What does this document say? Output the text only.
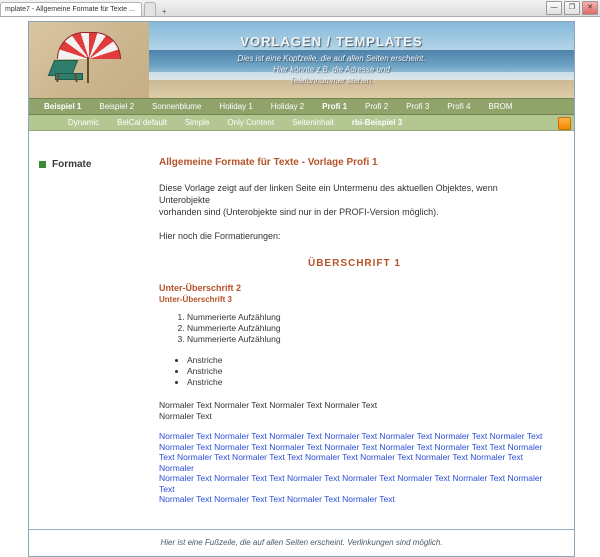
mplate7 - Allgemeine Formate für Texte ...	+	—	❐	✕
VORLAGEN / TEMPLATES
Dies ist eine Kopfzeile, die auf allen Seiten erscheint.
Hier könnte z.B. die Adresse und
Telefonnummer stehen.
Beispiel 1	Beispiel 2	Sonnenblume	Holiday 1	Holiday 2	Profi 1	Profi 2	Profi 3	Profi 4	BROM
Dynamic	BelCal default	Simple	Only Content	Seiteninhalt	rbi-Beispiel 3
Formate	Allgemeine Formate für Texte - Vorlage Profi 1

Diese Vorlage zeigt auf der linken Seite ein Untermenu des aktuellen Objektes, wenn Unterobjekte
vorhanden sind (Unterobjekte sind nur in der PROFI-Version möglich).

Hier noch die Formatierungen:

ÜBERSCHRIFT 1
Unter-Überschrift 2
Unter-Überschrift 3
1. Nummerierte Aufzählung
2. Nummerierte Aufzählung
3. Nummerierte Aufzählung
• Anstriche
• Anstriche
• Anstriche

Normaler Text Normaler Text Normaler Text Normaler Text
Normaler Text

Normaler Text Normaler Text Normaler Text Normaler Text Normaler Text Normaler Text Normaler Text
Normaler Text Normaler Text Normaler Text Normaler Text Normaler Text Normaler Text Text Normaler
Text Normaler Text Normaler Text Text Normaler Text Normaler Text Normaler Text Normaler Text Normaler
Normaler Text Normaler Text Text Normaler Text Normaler Text Normaler Text Normaler Text Normaler Text
Normaler Text Normaler Text Text Normaler Text Normaler Text

Hier ist eine Fußzeile, die auf allen Seiten erscheint. Verlinkungen sind möglich.
